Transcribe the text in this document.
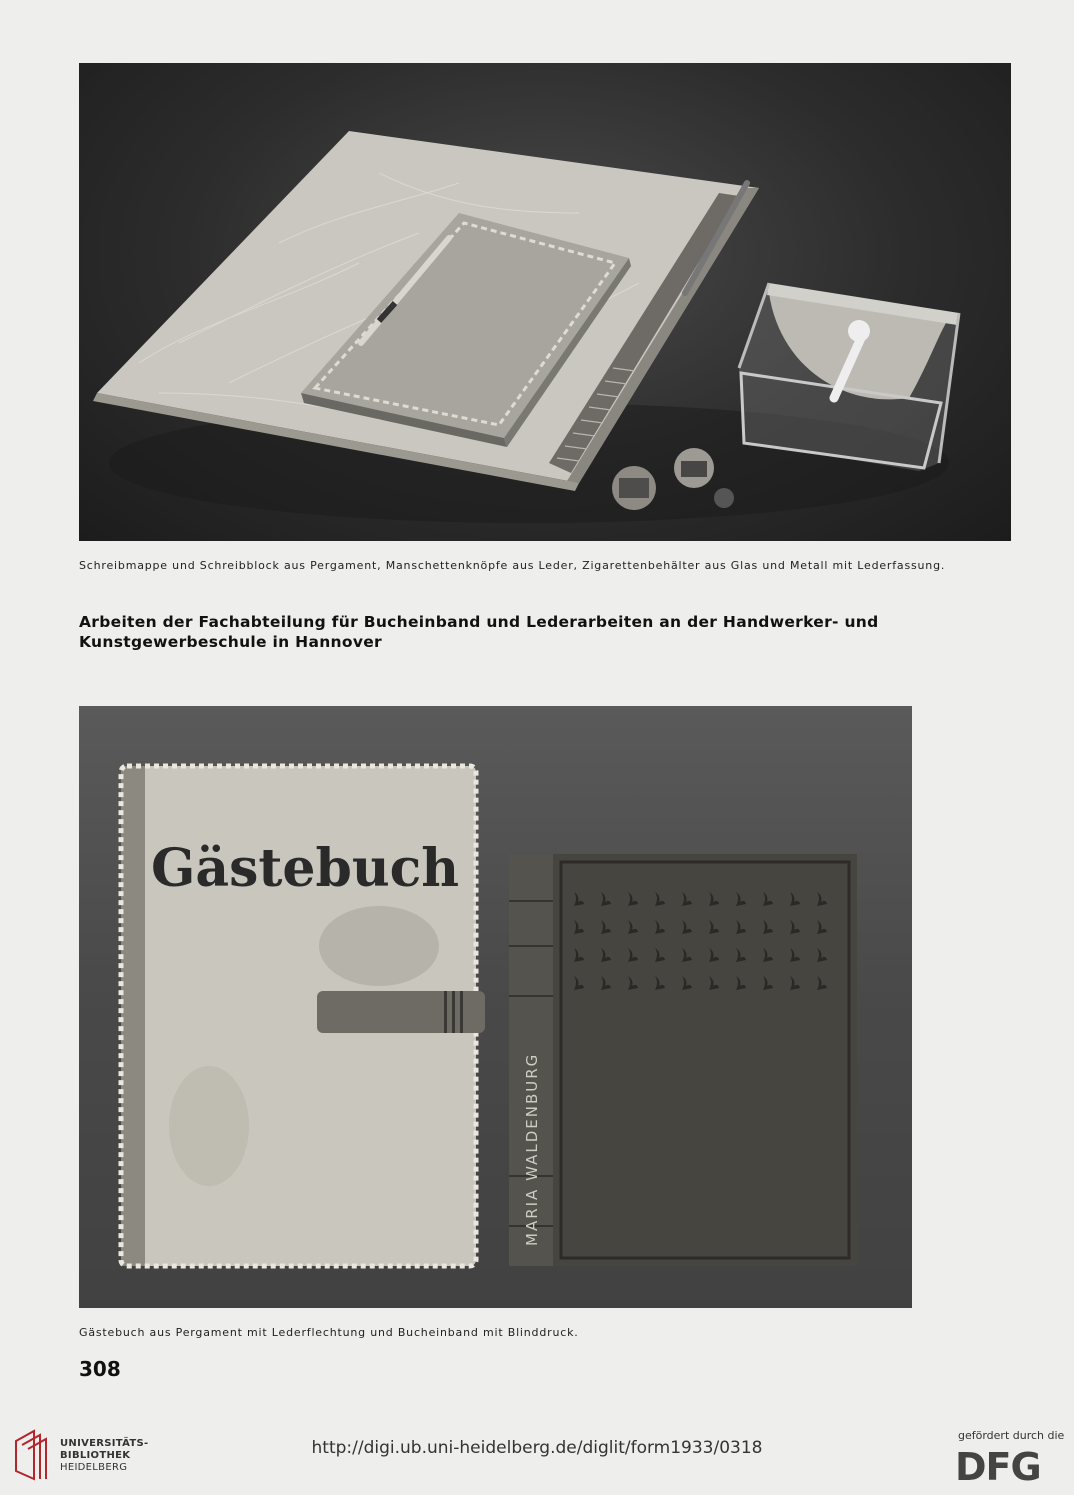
Schreibmappe und Schreibblock aus Pergament, Manschettenknöpfe aus Leder, Zigarettenbehälter aus Glas und Metall mit Lederfassung.
Arbeiten der Fachabteilung für Bucheinband und Lederarbeiten an der Handwerker- und Kunstgewerbeschule in Hannover
Gästebuch
MARIA WALDENBURG
Gästebuch aus Pergament mit Lederflechtung und Bucheinband mit Blinddruck.
308
UNIVERSITÄTS-
BIBLIOTHEK
HEIDELBERG
http://digi.ub.uni-heidelberg.de/diglit/form1933/0318
gefördert durch die
DFG
